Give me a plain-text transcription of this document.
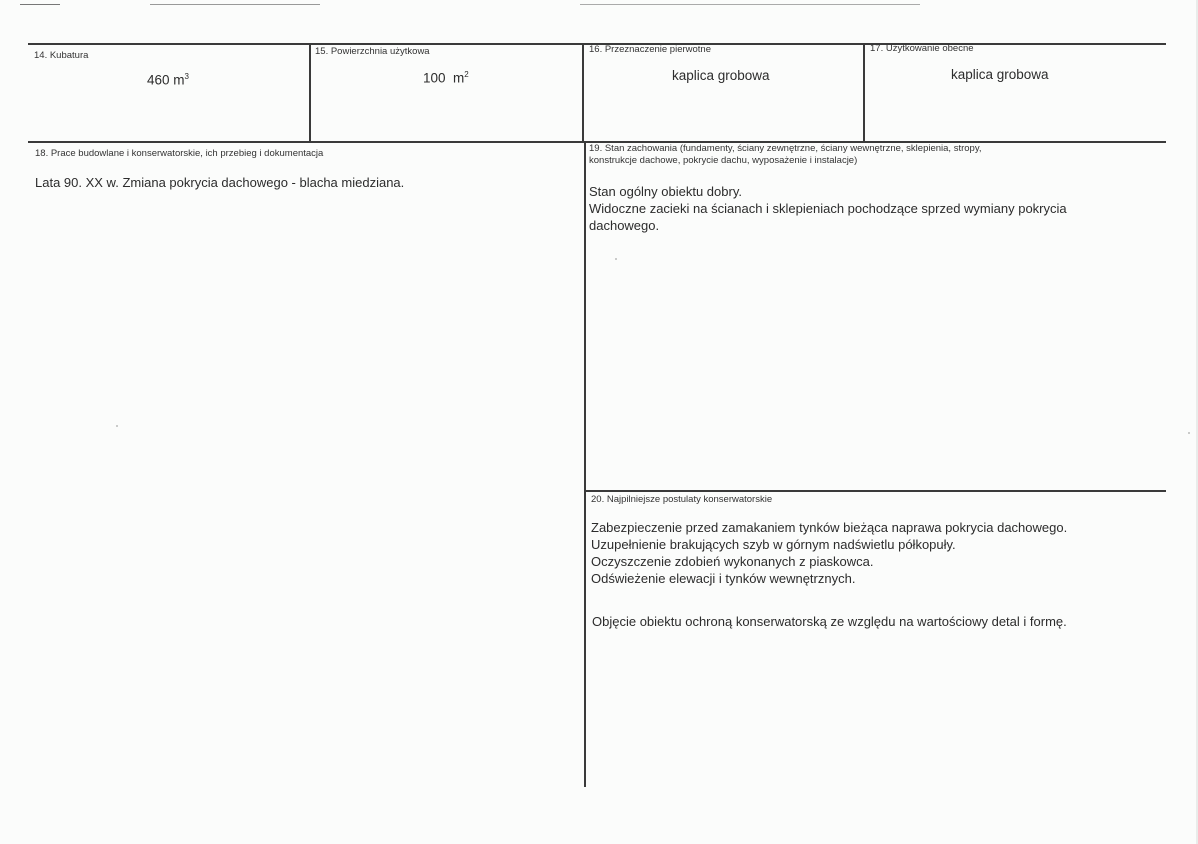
14. Kubatura
460 $m^3$
15. Powierzchnia użytkowa
100  $m^2$
16. Przeznaczenie pierwotne
kaplica grobowa
17. Użytkowanie obecne
kaplica grobowa
18. Prace budowlane i konserwatorskie, ich przebieg i dokumentacja
Lata 90. XX w. Zmiana pokrycia dachowego - blacha miedziana.
19. Stan zachowania (fundamenty, ściany zewnętrzne, ściany wewnętrzne, sklepienia, stropy,
konstrukcje dachowe, pokrycie dachu, wyposażenie i instalacje)
Stan ogólny obiektu dobry.
Widoczne zacieki na ścianach i sklepieniach pochodzące sprzed wymiany pokrycia
dachowego.
20. Najpilniejsze postulaty konserwatorskie
Zabezpieczenie przed zamakaniem tynków bieżąca naprawa pokrycia dachowego.
Uzupełnienie brakujących szyb w górnym nadświetlu półkopuły.
Oczyszczenie zdobień wykonanych z piaskowca.
Odświeżenie elewacji i tynków wewnętrznych.
Objęcie obiektu ochroną konserwatorską ze względu na wartościowy detal i formę.
